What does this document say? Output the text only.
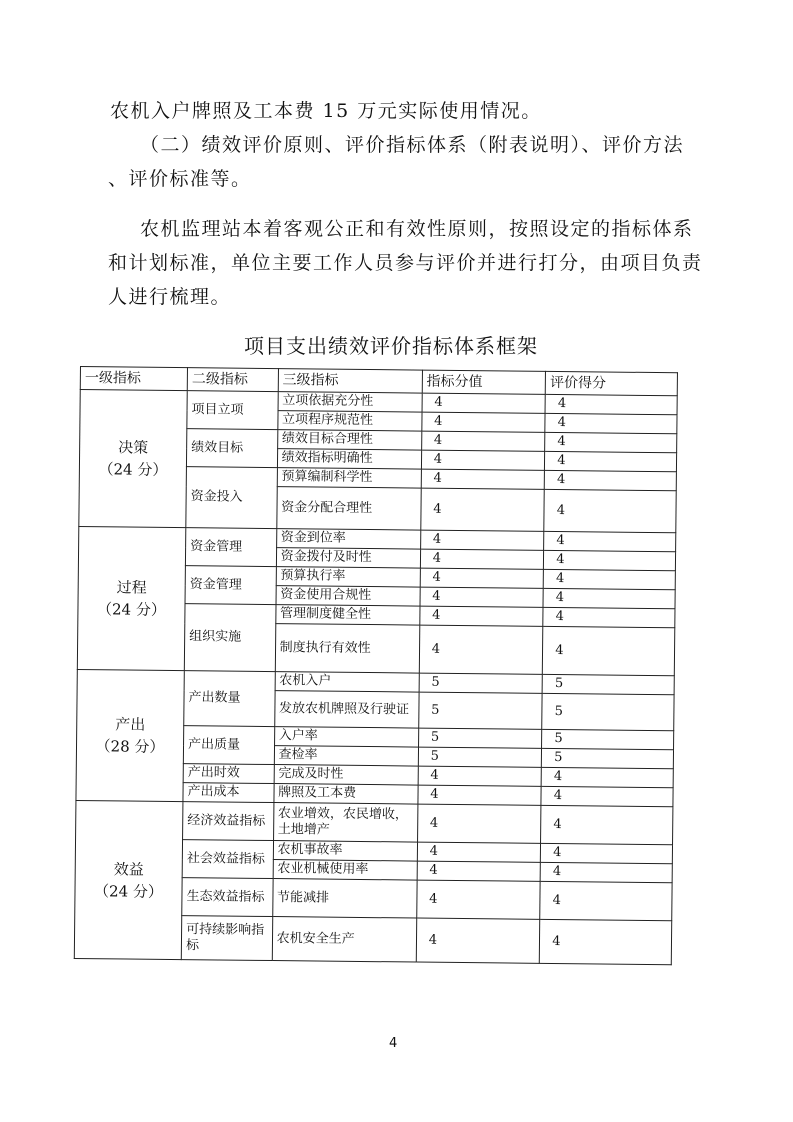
农机入户牌照及工本费 15 万元实际使用情况。

（二）绩效评价原则、评价指标体系（附表说明）、评价方法

、评价标准等。

农机监理站本着客观公正和有效性原则，按照设定的指标体系和计划标准，单位主要工作人员参与评价并进行打分，由项目负责人进行梳理。

项目支出绩效评价指标体系框架
一级指标	二级指标	三级指标	指标分值	评价得分

决策
（24 分）	项目立项	立项依据充分性	4	4
		立项程序规范性	4	4
	绩效目标	绩效目标合理性	4	4
		绩效指标明确性	4	4
	资金投入	预算编制科学性	4	4
		资金分配合理性	4	4

过程
（24 分）	资金管理	资金到位率	4	4
		资金拨付及时性	4	4
	资金管理	预算执行率	4	4
		资金使用合规性	4	4
	组织实施	管理制度健全性	4	4
		制度执行有效性	4	4

产出
（28 分）	产出数量	农机入户	5	5
		发放农机牌照及行驶证	5	5
	产出质量	入户率	5	5
		查检率	5	5
	产出时效	完成及时性	4	4
	产出成本	牌照及工本费	4	4

效益
（24 分）	经济效益指标	农业增效，农民增收，土地增产	4	4
	社会效益指标	农机事故率	4	4
		农业机械使用率	4	4
	生态效益指标	节能减排	4	4
	可持续影响指标	农机安全生产	4	4
4
